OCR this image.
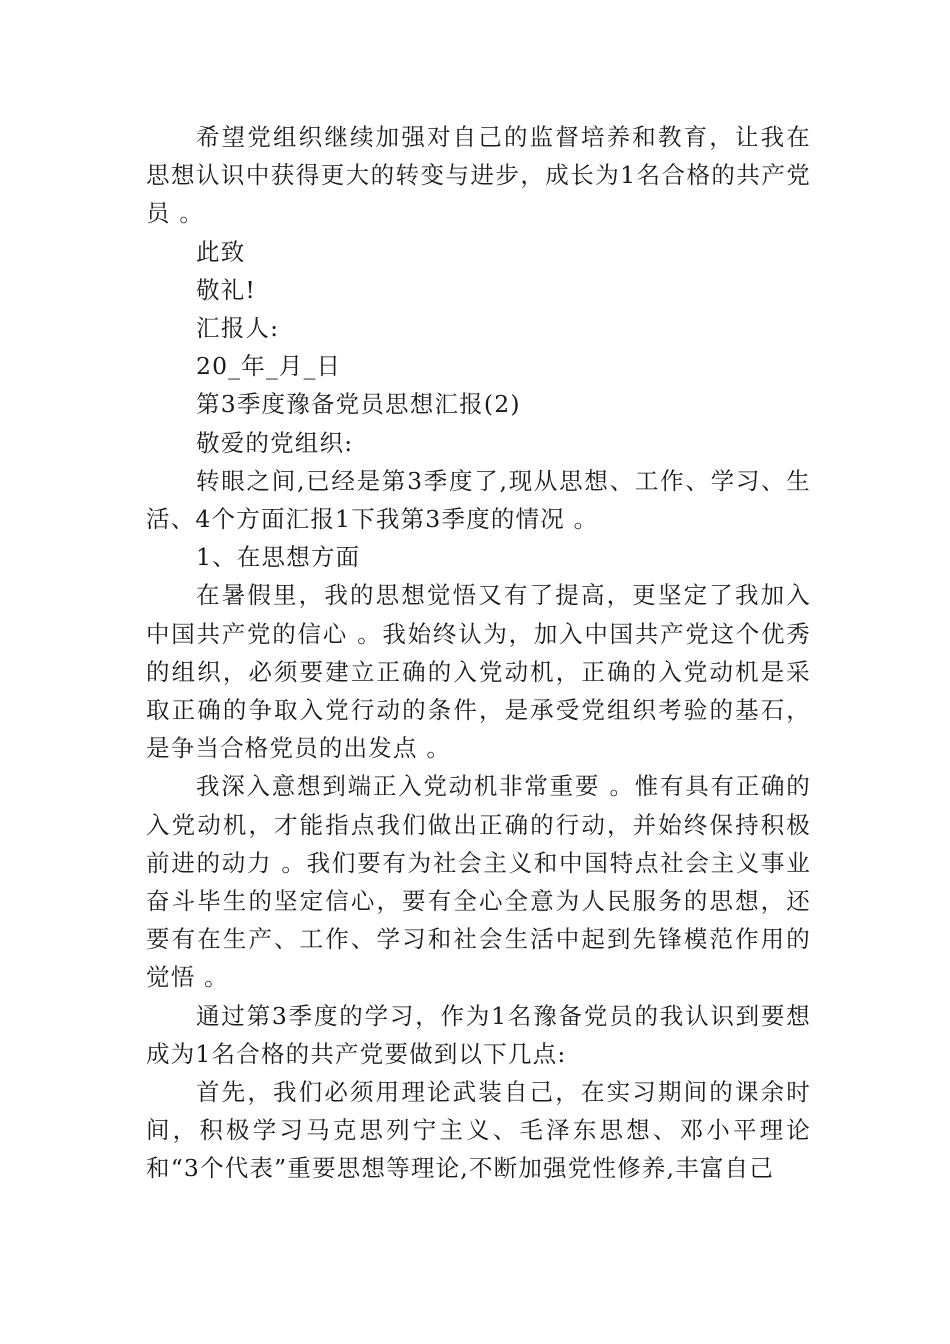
希望党组织继续加强对自己的监督培养和教育，让我在思想认识中获得更大的转变与进步，成长为1名合格的共产党员 。

此致

敬礼!

汇报人:

20_年_月_日

第3季度豫备党员思想汇报(2)

敬爱的党组织:

转眼之间,已经是第3季度了,现从思想、工作、学习、生活、4个方面汇报1下我第3季度的情况 。

1、在思想方面

在暑假里，我的思想觉悟又有了提高，更坚定了我加入中国共产党的信心 。我始终认为，加入中国共产党这个优秀的组织，必须要建立正确的入党动机，正确的入党动机是采取正确的争取入党行动的条件，是承受党组织考验的基石，是争当合格党员的出发点 。

我深入意想到端正入党动机非常重要 。惟有具有正确的入党动机，才能指点我们做出正确的行动，并始终保持积极前进的动力 。我们要有为社会主义和中国特点社会主义事业奋斗毕生的坚定信心，要有全心全意为人民服务的思想，还要有在生产、工作、学习和社会生活中起到先锋模范作用的觉悟 。

通过第3季度的学习，作为1名豫备党员的我认识到要想成为1名合格的共产党要做到以下几点:

首先，我们必须用理论武装自己，在实习期间的课余时间，积极学习马克思列宁主义、毛泽东思想、邓小平理论和“3个代表”重要思想等理论,不断加强党性修养,丰富自己
